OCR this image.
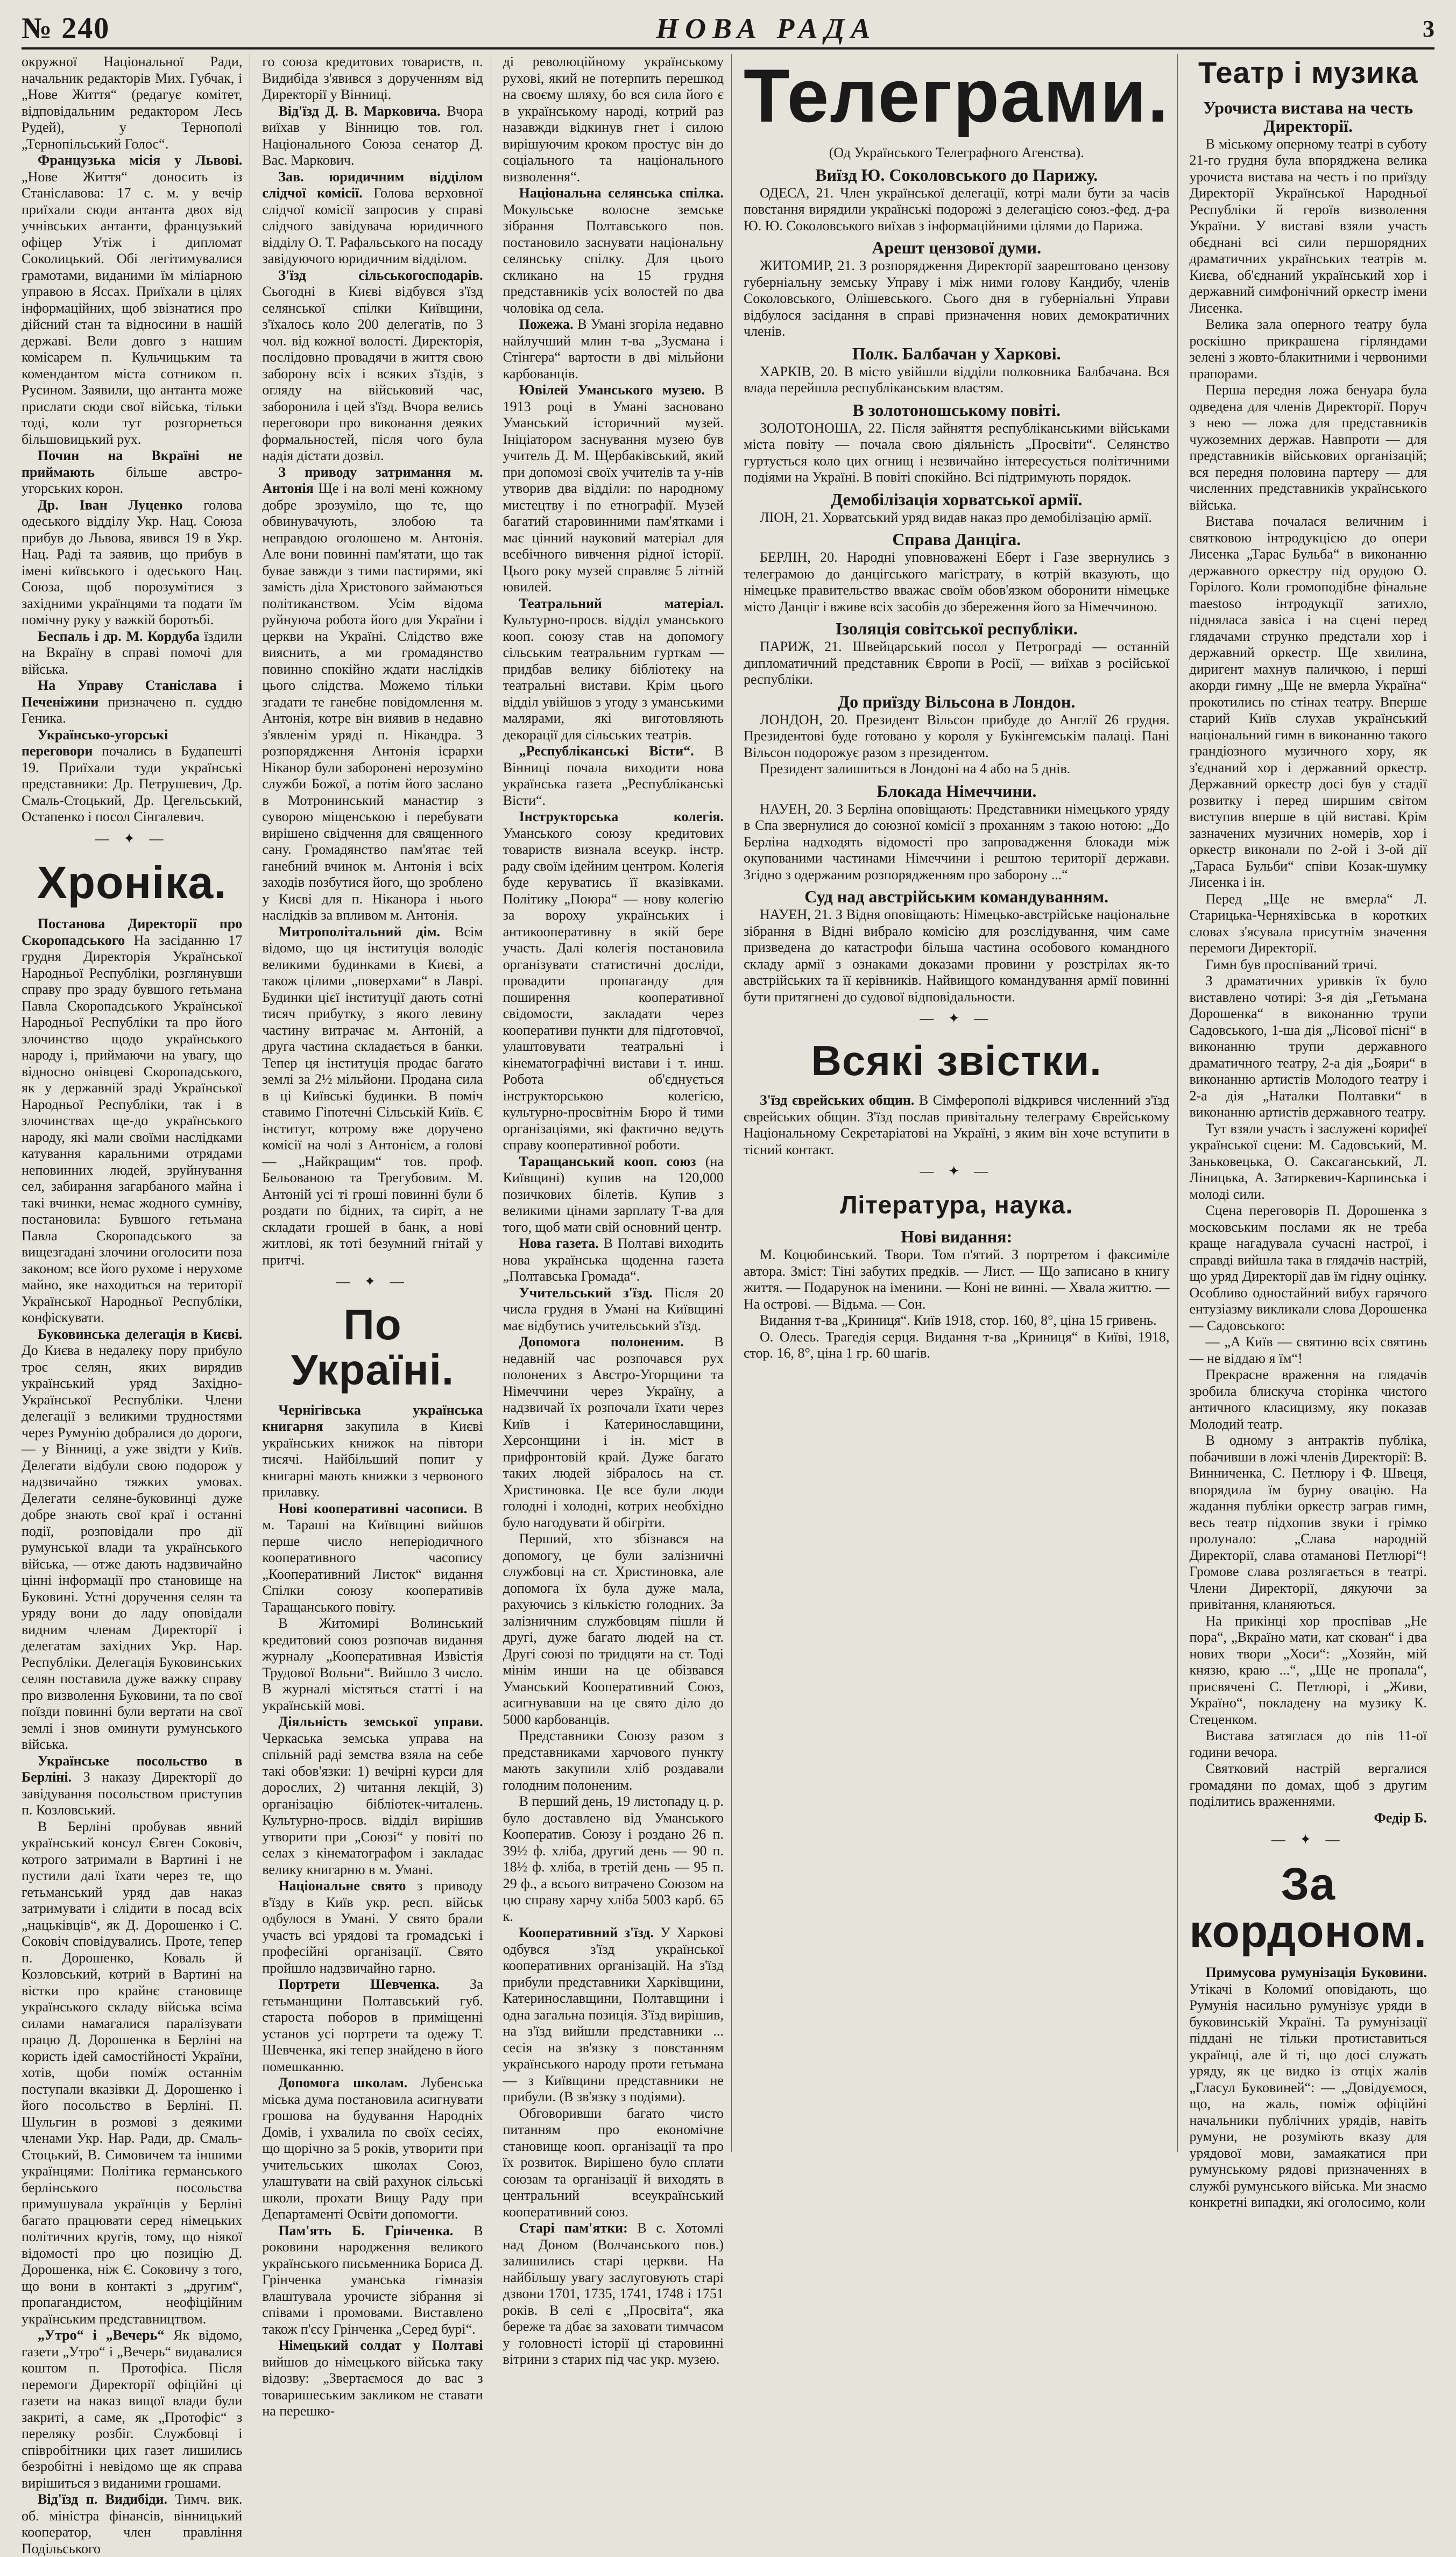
№ 240	НОВА РАДА	3

окружної Національної Ради, начальник редакторів Мих. Губчак, і „Нове Життя“ (редагує комітет, відповідальним редактором Лесь Рудей), у Тернополі „Тернопільський Голос“.

Французька місія у Львові. „Нове Життя“ доносить із Станіславова: 17 с. м. у вечір приїхали сюди антанта двох від учнівських антанти, французький офіцер Утіж і дипломат Соколицький. Обі легітимувалися грамотами, виданими їм міліарною управою в Яссах. Приїхали в цілях інформаційних, щоб звізнатися про дійсний стан та відносини в нашій державі. Вели довго з нашим комісарем п. Кульчицьким та комендантом міста сотником п. Русином. Заявили, що антанта може прислати сюди свої війська, тільки тоді, коли тут розгорнеться більшовицький рух.

Почин на Вкраїні не приймають більше австро-угорських корон.

Др. Іван Луценко голова одеського відділу Укр. Нац. Союза прибув до Львова, явився 19 в Укр. Нац. Раді та заявив, що прибув в імені київського і одеського Нац. Союза, щоб порозумітися з західними українцями та подати їм помічну руку у важкій боротьбі.

Беспаль і др. М. Кордуба їздили на Вкраїну в справі помочі для війська.

На Управу Станіслава і Печеніжини призначено п. суддю Геника.

Українсько-угорські переговори почались в Будапешті 19. Приїхали туди українські представники: Др. Петрушевич, Др. Смаль-Стоцький, Др. Цегельський, Остапенко і посол Сінгалевич.

— ✦ —
Хроніка.

Постанова Директорії про Скоропадського На засіданню 17 грудня Директорія Української Народньої Республіки, розглянувши справу про зраду бувшого гетьмана Павла Скоропадського Української Народньої Республіки та про його злочинство щодо українського народу і, приймаючи на увагу, що відносно онівцеві Скоропадського, як у державній зраді Української Народньої Республіки, так і в злочинствах ще-до українського народу, які мали своїми наслідками катування каральними отрядами неповинних людей, зруйнування сел, забирання загарбаного майна і такі вчинки, немає жодного сумніву, постановила: Бувшого гетьмана Павла Скоропадського за вищезгадані злочини оголосити поза законом; все його рухоме і нерухоме майно, яке находиться на території Української Народньої Республіки, конфіскувати.

Буковинська делегація в Києві. До Києва в недалеку пору прибуло троє селян, яких вирядив український уряд Західно-Української Республіки. Члени делегації з великими трудностями через Румунію добралися до дороги, — у Вінниці, а уже звідти у Київ. Делегати відбули свою подорож у надзвичайно тяжких умовах. Делегати селяне-буковинці дуже добре знають свої краї і останні події, розповідали про дії румунської влади та українського війська, — отже дають надзвичайно цінні інформації про становище на Буковині. Устні доручення селян та уряду вони до ладу оповідали видним членам Директорії і делегатам західних Укр. Нар. Республіки. Делегація Буковинських селян поставила дуже важку справу про визволення Буковини, та по свої поїзди повинні були вертати на свої землі і знов оминути румунського війська.

Українське посольство в Берліні. З наказу Директорії до завідування посольством приступив п. Козловський.

В Берліні пробував явний український консул Євген Соковіч, котрого затримали в Вартині і не пустили далі їхати через те, що гетьманський уряд дав наказ затримувати і слідити в посад всіх „нацьківців“, як Д. Дорошенко і С. Соковіч сповідувались. Проте, тепер п. Дорошенко, Коваль й Козловський, котрий в Вартині на вістки про крайнє становище українського складу війська всіма силами намагалися паралізувати працю Д. Дорошенка в Берліні на користь ідей самостійності України, хотів, щоби поміж останнім поступали вказівки Д. Дорошенко і його посольство в Берліні. П. Шульгин в розмові з деякими членами Укр. Нар. Ради, др. Смаль-Стоцький, В. Симовичем та іншими українцями: Політика германського берлінського посольства примушувала українців у Берліні багато працювати серед німецьких політичних кругів, тому, що ніякої відомості про цю позицію Д. Дорошенка, ніж Є. Соковичу з того, що вони в контакті з „другим“, пропагандистом, неофіційним українським представництвом.

„Утро“ і „Вечерь“ Як відомо, газети „Утро“ і „Вечерь“ видавалися коштом п. Протофіса. Після перемоги Директорії офіційні ці газети на наказ вищої влади були закриті, а саме, як „Протофіс“ з переляку розбіг. Службовці і співробітники цих газет лишились безробітні і невідомо ще як справа вирішиться з виданими грошами.

Від'їзд п. Видибіди. Тимч. вик. об. міністра фінансів, вінницький кооператор, член правління Подільського

го союза кредитових товариств, п. Видибіда з'явився з дорученням від Директорії у Вінниці.

Від'їзд Д. В. Марковича. Вчора виїхав у Вінницю тов. гол. Національного Союза сенатор Д. Вас. Маркович.

Зав. юридичним відділом слідчої комісії. Голова верховної слідчої комісії запросив у справі слідчого завідувача юридичного відділу О. Т. Рафальського на посаду завідуючого юридичним відділом.

З'їзд сільськогосподарів. Сьогодні в Києві відбувся з'їзд селянської спілки Київщини, з'їхалось коло 200 делегатів, по 3 чол. від кожної волості. Директорія, послідовно провадячи в життя свою заборону всіх і всяких з'їздів, з огляду на військовий час, заборонила і цей з'їзд. Вчора велись переговори про виконання деяких формальностей, після чого була надія дістати дозвіл.

З приводу затримання м. Антонія Ще і на волі мені кожному добре зрозуміло, що те, що обвинувачують, злобою та неправдою оголошено м. Антонія. Але вони повинні пам'ятати, що так бувае завжди з тими пастирями, які замість діла Христового займаються політиканством. Усім відома руйнуюча робота його для України і церкви на Україні. Слідство вже вияснить, а ми громадянство повинно спокійно ждати наслідків цього слідства. Можемо тільки згадати те ганебне повідомлення м. Антонія, котре він виявив в недавно з'явленім уряді п. Нікандра. 3 розпорядження Антонія ієрархи Ніканор були заборонені нерозуміно служби Божої, а потім його заслано в Мотронинський манастир з суворою міщенською і перебувати вирішено свідчення для священного сану. Громадянство пам'ятає тей ганебний вчинок м. Антонія і всіх заходів позбутися його, що зроблено у Києві для п. Ніканора і нього наслідків за впливом м. Антонія.

Митрополітальний дім. Всім відомо, що ця інституція володіє великими будинками в Києві, а також цілими „поверхами“ в Лаврі. Будинки цієї інституції дають сотні тисяч прибутку, з якого левину частину витрачає м. Антоній, а друга частина складається в банки. Тепер ця інституція продає багато землі за 2½ мільйони. Продана сила в ці Київські будинки. В поміч ставимо Гіпотечні Сільській Київ. Є інститут, котрому вже доручено комісії на чолі з Антонієм, а голові — „Найкращим“ тов. проф. Бельованою та Трегубовим. М. Антоній усі ті гроші повинні були б роздати по бідних, та сиріт, а не складати грошей в банк, а нові житлові, як тоті безумний гнітай у притчі.

— ✦ —
По Україні.

Чернігівська українська книгарня закупила в Києві українських книжок на півтори тисячі. Найбільший попит у книгарні мають книжки з червоного прилавку.

Нові кооперативні часописи. В м. Тараші на Київщині вийшов перше число неперіодичного кооперативного часопису „Кооперативний Листок“ видання Спілки союзу кооперативів Таращанського повіту.

В Житомирі Волинський кредитовий союз розпочав видання журналу „Кооперативная Извістія Трудової Вольни“. Вийшло 3 число. В журналі містяться статті і на українській мові.

Діяльність земської управи. Черкаська земська управа на спільній раді земства взяла на себе такі обов'язки: 1) вечірні курси для дорослих, 2) читання лекцій, 3) організацію бібліотек-читалень. Культурно-просв. відділ вирішив утворити при „Союзі“ у повіті по селах з кінематографом і закладає велику книгарню в м. Умані.

Національне свято з приводу в'їзду в Київ укр. респ. військ одбулося в Умані. У свято брали участь всі урядові та громадські і професійні організації. Свято пройшло надзвичайно гарно.

Портрети Шевченка. За гетьманщини Полтавський губ. староста поборов в приміщенні установ усі портрети та одежу Т. Шевченка, які тепер знайдено в його помешканню.

Допомога школам. Лубенська міська дума постановила асигнувати грошова на будування Народніх Домів, і ухвалила по своїх сесіях, що щорічно за 5 років, утворити при учительських школах Союз, улаштувати на свій рахунок сільські школи, прохати Вищу Раду при Департаменті Освіти допомогти.

Пам'ять Б. Грінченка. В роковини народження великого українського письменника Бориса Д. Грінченка уманська гімназія влаштувала урочисте зібрання зі співами і промовами. Виставлено також п'єсу Грінченка „Серед бурі“.

Німецький солдат у Полтаві вийшов до німецького війська таку відозву: „Звертаємося до вас з товаришеським закликом не ставати на перешко-

ді революційному українському рухові, який не потерпить перешкод на своєму шляху, бо вся сила його є в українському народі, котрий раз назавжди відкинув гнет і силою вирішуючим кроком простує він до соціального та національного визволення“.

Національна селянська спілка. Мокульське волосне земське зібрання Полтавського пов. постановило заснувати національну селянську спілку. Для цього скликано на 15 грудня представників усіх волостей по два чоловіка од села.

Пожежа. В Умані згоріла недавно найлучший млин т-ва „Зусмана і Стінгера“ вартости в дві мільйони карбованців.

Ювілей Уманського музею. В 1913 році в Умані засновано Уманський історичний музей. Ініціатором заснування музею був учитель Д. М. Щербаківський, який при допомозі своїх учителів та у-нів утворив два відділи: по народному мистецтву і по етнографії. Музей багатий старовинними пам'ятками і має цінний науковий матеріал для всебічного вивчення рідної історії. Цього року музей справляє 5 літній ювилей.

Театральний матеріал. Культурно-просв. відділ уманського кооп. союзу став на допомогу сільським театральним гурткам — придбав велику бібліотеку на театральні вистави. Крім цього відділ увійшов з угоду з уманськими малярами, які виготовляють декорації для сільських театрів.

„Республіканські Вісти“. В Вінниці почала виходити нова українська газета „Республіканські Вісти“.

Інструкторська колегія. Уманського союзу кредитових товариств визнала всеукр. інстр. раду своїм ідейним центром. Колегія буде керуватись її вказівками. Політику „Поюра“ — нову колегію за вороху українських і антикооперативну в якій бере участь. Далі колегія постановила організувати статистичні досліди, провадити пропаганду для поширення кооперативної свідомости, закладати через кооперативи пункти для підготовчої, улаштовувати театральні і кінематографічні вистави і т. инш. Робота об'єднується інструкторською колегією, культурно-просвітнім Бюро й тими організаціями, які фактично ведуть справу кооперативної роботи.

Таращанський кооп. союз (на Київщині) купив на 120,000 позичкових білетів. Купив з великими цінами зарплату Т-ва для того, щоб мати свій основний центр.

Нова газета. В Полтаві виходить нова українська щоденна газета „Полтавська Громада“.

Учительський з'їзд. Після 20 числа грудня в Умані на Київщині має відбутись учительський з'їзд.

Допомога полоненим. В недавній час розпочався рух полонених з Австро-Угорщини та Німеччини через Україну, а надзвичай їх розпочали їхати через Київ і Катеринославщини, Херсонщини і ін. міст в прифронтовій край. Дуже багато таких людей зібралось на ст. Христиновка. Це все були люди голодні і холодні, котрих необхідно було нагодувати й обігріти.

Перший, хто збізнався на допомогу, це були залізничні службовці на ст. Христиновка, але допомога їх була дуже мала, рахуючись з кількістю голодних. За залізничним службовцям пішли й другі, дуже багато людей на ст. Другі союзі по тридцяти на ст. Тоді мінім инши на це обізвався Уманський Кооперативний Союз, асигнувавши на це свято діло до 5000 карбованців.

Представники Союзу разом з представниками харчового пункту мають закупили хліб роздавали голодним полоненим.

В перший день, 19 листопаду ц. р. було доставлено від Уманського Кооператив. Союзу і роздано 26 п. 39½ ф. хліба, другий день — 90 п. 18½ ф. хліба, в третій день — 95 п. 29 ф., а всього витрачено Союзом на цю справу харчу хліба 5003 карб. 65 к.

Кооперативний з'їзд. У Харкові одбувся з'їзд української кооперативних організацій. На з'їзд прибули представники Харківщини, Катеринославщини, Полтавщини і одна загальна позиція. З'їзд вирішив, на з'їзд вийшли представники ... сесія на зв'язку з повстанням українського народу проти гетьмана — з Київщини представники не прибули. (В зв'язку з подіями).

Обговоривши багато чисто питанням про економічне становище кооп. організації та про їх розвиток. Вирішено було сплати союзам та організації й виходять в центральний всеукраїнський кооперативний союз.

Старі пам'ятки: В с. Хотомлі над Доном (Волчанського пов.) залишились старі церкви. На найбільшу увагу заслуговують старі дзвони 1701, 1735, 1741, 1748 і 1751 років. В селі є „Просвіта“, яка береже та дбає за заховати тимчасом у головності історії ці старовинні вітрини з старих під час укр. музею.

Телеграми.

(Од Українського Телеграфного Агенства).

Виїзд Ю. Соколовського до Парижу.

ОДЕСА, 21. Член української делегації, котрі мали бути за часів повстання вирядили українські подорожі з делегацією союз.-фед. д-ра Ю. Ю. Соколовського виїхав з інформаційними цілями до Парижа.

Арешт цензової думи.

ЖИТОМИР, 21. З розпорядження Директорії заарештовано цензову губерніальну земську Управу і між ними голову Кандибу, членів Соколовського, Олішевського. Сього дня в губерніальні Управи відбулося засідання в справі призначення нових демократичних членів.

Полк. Балбачан у Харкові.

ХАРКІВ, 20. В місто увійшли відділи полковника Балбачана. Вся влада перейшла республіканським властям.

В золотоношському повіті.

ЗОЛОТОНОША, 22. Після зайняття республіканськими військами міста повіту — почала свою діяльність „Просвіти“. Селянство гуртується коло цих огнищ і незвичайно інтересується політичними подіями на Україні. В повіті спокійно. Всі підтримують порядок.

Демобілізація хорватської армії.

ЛІОН, 21. Хорватський уряд видав наказ про демобілізацію армії.

Справа Данціга.

БЕРЛІН, 20. Народні уповноважені Еберт і Газе звернулись з телеграмою до данцігського магістрату, в котрій вказують, що німецьке правительство вважає своїм обов'язком оборонити німецьке місто Данціг і вживе всіх засобів до збереження його за Німеччиною.

Ізоляція совітської республіки.

ПАРИЖ, 21. Швейцарський посол у Петрограді — останній дипломатичний представник Європи в Росії, — виїхав з російської республіки.

До приїзду Вільсона в Лондон.

ЛОНДОН, 20. Президент Вільсон прибуде до Англії 26 грудня. Президентові буде готовано у короля у Букінгемськім палаці. Пані Вільсон подорожує разом з президентом.

Президент залишиться в Лондоні на 4 або на 5 днів.

Блокада Німеччини.

НАУЕН, 20. З Берліна оповіщають: Представники німецького уряду в Спа звернулися до союзної комісії з проханням з такою нотою: „До Берліна надходять відомості про запровадження блокади між окупованими частинами Німеччини і рештою території держави. Згідно з одержаним розпорядженням про заборону ...“

Суд над австрійським командуванням.

НАУЕН, 21. З Відня оповіщають: Німецько-австрійське національне зібрання в Відні вибрало комісію для розслідування, чим саме призведена до катастрофи більша частина особового командного складу армії з ознаками доказами провини у розстрілах як-то австрійських та її керівників. Найвищого командування армії повинні бути притягнені до судової відповідальности.

— ✦ —
Всякі звістки.

З'їзд єврейських общин. В Сімферополі відкрився численний з'їзд єврейських общин. З'їзд послав привітальну телеграму Єврейському Національному Секретаріатові на Україні, з яким він хоче вступити в тісний контакт.

— ✦ —
Література, наука.
Нові видання:

М. Коцюбинський. Твори. Том п'ятий. З портретом і факсиміле автора. Зміст: Тіні забутих предків. — Лист. — Що записано в книгу життя. — Подарунок на іменини. — Коні не винні. — Хвала життю. — На острові. — Відьма. — Сон.

Видання т-ва „Криниця“. Київ 1918, стор. 160, 8°, ціна 15 гривень.

О. Олесь. Трагедія серця. Видання т-ва „Криниця“ в Київі, 1918, стор. 16, 8°, ціна 1 гр. 60 шагів.

Театр і музика
Урочиста вистава на честь Директорії.

В міському оперному театрі в суботу 21-го грудня була впоряджена велика урочиста вистава на честь і по приїзду Директорії Української Народньої Республіки й героїв визволення України. У виставі взяли участь обєднані всі сили першорядних драматичних українських театрів м. Києва, об'єднаний український хор і державний симфонічний оркестр імени Лисенка.

Велика зала оперного театру була роскішно прикрашена гірляндами зелені з жовто-блакитними і червоними прапорами.

Перша передня ложа бенуара була одведена для членів Директорії. Поруч з нею — ложа для представників чужоземних держав. Навпроти — для представників військових організацій; вся передня половина партеру — для численних представників українського війська.

Вистава почалася величним і святковою інтродукцією до опери Лисенка „Тарас Бульба“ в виконанню державного оркестру під орудою О. Горілого. Коли громоподібне фінальне maestoso інтродукції затихло, підняласа завіса і на сцені перед глядачами струнко предстали хор і державний оркестр. Ще хвилина, диригент махнув паличкою, і перші акорди гимну „Ще не вмерла Україна“ прокотились по стінах театру. Вперше старий Київ слухав український національний гимн в виконанню такого грандіозного музичного хору, як з'єднаний хор і державний оркестр. Державний оркестр досі був у стадії розвитку і перед ширшим світом виступив вперше в цій виставі. Крім зазначених музичних номерів, хор і оркестр виконали по 2-ой і 3-ой дії „Тараса Бульби“ співи Козак-шумку Лисенка і ін.

Перед „Ще не вмерла“ Л. Старицька-Черняхівська в коротких словах з'ясувала присутнім значення перемоги Директорії.

Гимн був проспіваний тричі.

З драматичних уривків їх було виставлено чотирі: 3-я дія „Гетьмана Дорошенка“ в виконанню трупи Садовського, 1-ша дія „Лісової пісні“ в виконанню трупи державного драматичного театру, 2-а дія „Бояри“ в виконанню артистів Молодого театру і 2-а дія „Наталки Полтавки“ в виконанню артистів державного театру.

Тут взяли участь і заслужені корифеї української сцени: М. Садовський, М. Заньковецька, О. Саксаганський, Л. Ліницька, А. Затиркевич-Карпинська і молоді сили.

Сцена переговорів П. Дорошенка з московським послами як не треба краще нагадувала сучасні настрої, і справді вийшла така в глядачів настрій, що уряд Директорії дав їм гідну оцінку. Особливо одностайний вибух гарячого ентузіазму викликали слова Дорошенка — Садовського:

— „А Київ — святиню всіх святинь — не віддаю я їм“!

Прекрасне враження на глядачів зробила блискуча сторінка чистого античного класицизму, яку показав Молодий театр.

В одному з антрактів публіка, побачивши в ложі членів Директорії: В. Винниченка, С. Петлюру і Ф. Швеця, впорядила їм бурну овацію. На жадання публіки оркестр заграв гимн, весь театр підхопив звуки і грімко пролунало: „Слава народній Директорії, слава отаманові Петлюрі“! Громове слава розлягається в театрі. Члени Директорії, дякуючи за привітання, кланяються.

На прикінці хор проспівав „Не пора“, „Вкраїно мати, кат скован“ і два нових твори „Хоси“: „Хозяйн, мій князю, краю ...“, „Ще не пропала“, присвячені С. Петлюрі, і „Живи, Україно“, покладену на музику К. Стеценком.

Вистава затяглася до пів 11-ої години вечора.

Святковий настрій вергалися громадяни по домах, щоб з другим поділитись враженнями.

Федір Б.

— ✦ —
За кордоном.

Примусова румунізація Буковини. Утікачі в Коломиї оповідають, що Румунія насильно румунізує уряди в буковинській Україні. Та румунізації піддані не тільки протиставиться українці, але й ті, що досі служать уряду, як це видко із отціх жалів „Гласул Буковиней“: — „Довідуємося, що, на жаль, поміж офіційні начальники публічних урядів, навіть румуни, не розуміють вказу для урядової мови, замаякатися при румунському рядові призначеннях в службі румунського війська. Ми знаємо конкретні випадки, які оголосимо, коли
